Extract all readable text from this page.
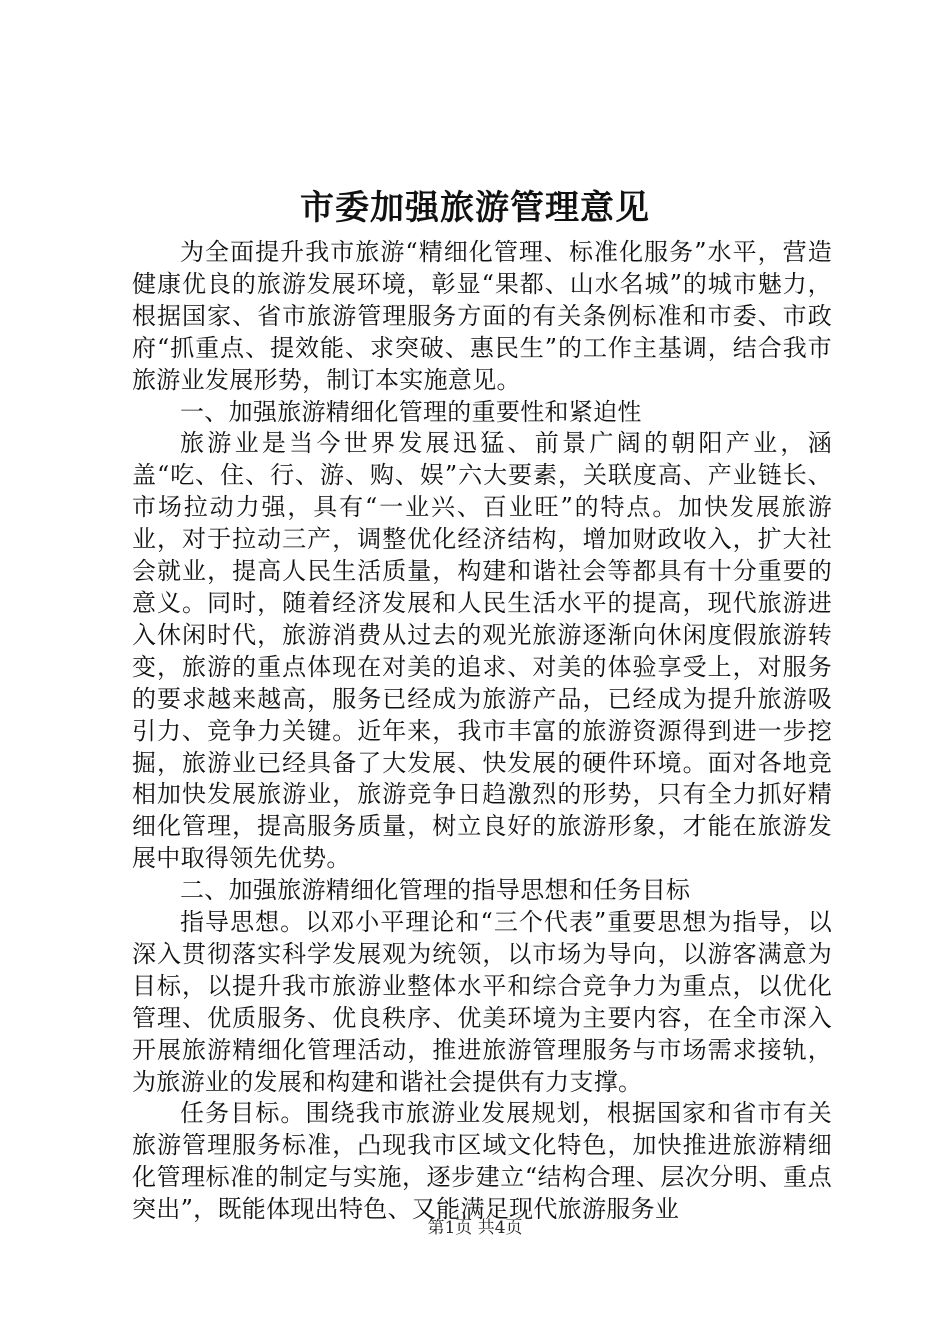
市委加强旅游管理意见

为全面提升我市旅游“精细化管理、标准化服务”水平，营造健康优良的旅游发展环境，彰显“果都、山水名城”的城市魅力，根据国家、省市旅游管理服务方面的有关条例标准和市委、市政府“抓重点、提效能、求突破、惠民生”的工作主基调，结合我市旅游业发展形势，制订本实施意见。

一、加强旅游精细化管理的重要性和紧迫性

旅游业是当今世界发展迅猛、前景广阔的朝阳产业，涵盖“吃、住、行、游、购、娱”六大要素，关联度高、产业链长、市场拉动力强，具有“一业兴、百业旺”的特点。加快发展旅游业，对于拉动三产，调整优化经济结构，增加财政收入，扩大社会就业，提高人民生活质量，构建和谐社会等都具有十分重要的意义。同时，随着经济发展和人民生活水平的提高，现代旅游进入休闲时代，旅游消费从过去的观光旅游逐渐向休闲度假旅游转变，旅游的重点体现在对美的追求、对美的体验享受上，对服务的要求越来越高，服务已经成为旅游产品，已经成为提升旅游吸引力、竞争力关键。近年来，我市丰富的旅游资源得到进一步挖掘，旅游业已经具备了大发展、快发展的硬件环境。面对各地竞相加快发展旅游业，旅游竞争日趋激烈的形势，只有全力抓好精细化管理，提高服务质量，树立良好的旅游形象，才能在旅游发展中取得领先优势。

二、加强旅游精细化管理的指导思想和任务目标

指导思想。以邓小平理论和“三个代表”重要思想为指导，以深入贯彻落实科学发展观为统领，以市场为导向，以游客满意为目标，以提升我市旅游业整体水平和综合竞争力为重点，以优化管理、优质服务、优良秩序、优美环境为主要内容，在全市深入开展旅游精细化管理活动，推进旅游管理服务与市场需求接轨，为旅游业的发展和构建和谐社会提供有力支撑。

任务目标。围绕我市旅游业发展规划，根据国家和省市有关旅游管理服务标准，凸现我市区域文化特色，加快推进旅游精细化管理标准的制定与实施，逐步建立“结构合理、层次分明、重点突出”，既能体现出特色、又能满足现代旅游服务业

第1页 共4页
